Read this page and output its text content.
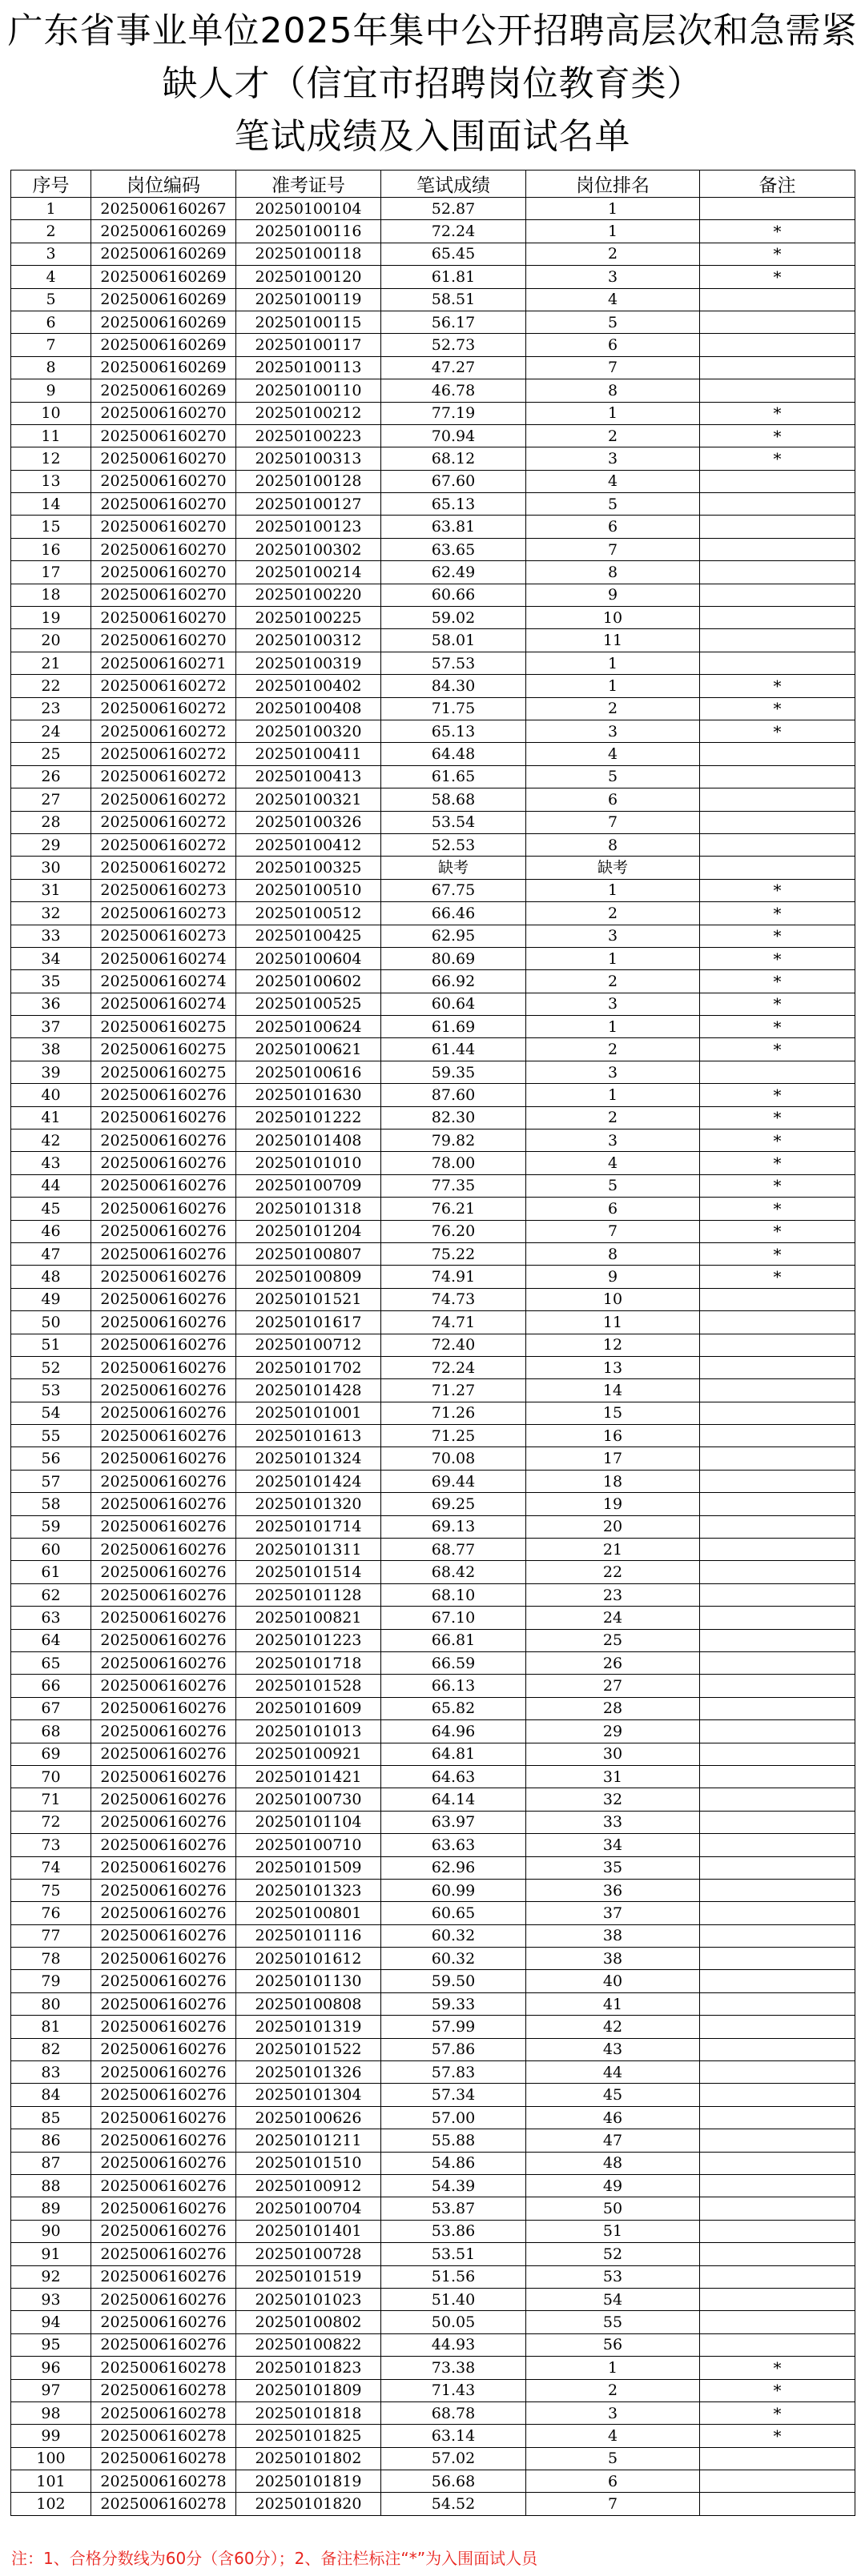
广东省事业单位2025年集中公开招聘高层次和急需紧
缺人才（信宜市招聘岗位教育类）
笔试成绩及入围面试名单
序号	岗位编码	准考证号	笔试成绩	岗位排名	备注
1	2025006160267	20250100104	52.87	1	
2	2025006160269	20250100116	72.24	1	*
3	2025006160269	20250100118	65.45	2	*
4	2025006160269	20250100120	61.81	3	*
5	2025006160269	20250100119	58.51	4	
6	2025006160269	20250100115	56.17	5	
7	2025006160269	20250100117	52.73	6	
8	2025006160269	20250100113	47.27	7	
9	2025006160269	20250100110	46.78	8	
10	2025006160270	20250100212	77.19	1	*
11	2025006160270	20250100223	70.94	2	*
12	2025006160270	20250100313	68.12	3	*
13	2025006160270	20250100128	67.60	4	
14	2025006160270	20250100127	65.13	5	
15	2025006160270	20250100123	63.81	6	
16	2025006160270	20250100302	63.65	7	
17	2025006160270	20250100214	62.49	8	
18	2025006160270	20250100220	60.66	9	
19	2025006160270	20250100225	59.02	10	
20	2025006160270	20250100312	58.01	11	
21	2025006160271	20250100319	57.53	1	
22	2025006160272	20250100402	84.30	1	*
23	2025006160272	20250100408	71.75	2	*
24	2025006160272	20250100320	65.13	3	*
25	2025006160272	20250100411	64.48	4	
26	2025006160272	20250100413	61.65	5	
27	2025006160272	20250100321	58.68	6	
28	2025006160272	20250100326	53.54	7	
29	2025006160272	20250100412	52.53	8	
30	2025006160272	20250100325	缺考	缺考	
31	2025006160273	20250100510	67.75	1	*
32	2025006160273	20250100512	66.46	2	*
33	2025006160273	20250100425	62.95	3	*
34	2025006160274	20250100604	80.69	1	*
35	2025006160274	20250100602	66.92	2	*
36	2025006160274	20250100525	60.64	3	*
37	2025006160275	20250100624	61.69	1	*
38	2025006160275	20250100621	61.44	2	*
39	2025006160275	20250100616	59.35	3	
40	2025006160276	20250101630	87.60	1	*
41	2025006160276	20250101222	82.30	2	*
42	2025006160276	20250101408	79.82	3	*
43	2025006160276	20250101010	78.00	4	*
44	2025006160276	20250100709	77.35	5	*
45	2025006160276	20250101318	76.21	6	*
46	2025006160276	20250101204	76.20	7	*
47	2025006160276	20250100807	75.22	8	*
48	2025006160276	20250100809	74.91	9	*
49	2025006160276	20250101521	74.73	10	
50	2025006160276	20250101617	74.71	11	
51	2025006160276	20250100712	72.40	12	
52	2025006160276	20250101702	72.24	13	
53	2025006160276	20250101428	71.27	14	
54	2025006160276	20250101001	71.26	15	
55	2025006160276	20250101613	71.25	16	
56	2025006160276	20250101324	70.08	17	
57	2025006160276	20250101424	69.44	18	
58	2025006160276	20250101320	69.25	19	
59	2025006160276	20250101714	69.13	20	
60	2025006160276	20250101311	68.77	21	
61	2025006160276	20250101514	68.42	22	
62	2025006160276	20250101128	68.10	23	
63	2025006160276	20250100821	67.10	24	
64	2025006160276	20250101223	66.81	25	
65	2025006160276	20250101718	66.59	26	
66	2025006160276	20250101528	66.13	27	
67	2025006160276	20250101609	65.82	28	
68	2025006160276	20250101013	64.96	29	
69	2025006160276	20250100921	64.81	30	
70	2025006160276	20250101421	64.63	31	
71	2025006160276	20250100730	64.14	32	
72	2025006160276	20250101104	63.97	33	
73	2025006160276	20250100710	63.63	34	
74	2025006160276	20250101509	62.96	35	
75	2025006160276	20250101323	60.99	36	
76	2025006160276	20250100801	60.65	37	
77	2025006160276	20250101116	60.32	38	
78	2025006160276	20250101612	60.32	38	
79	2025006160276	20250101130	59.50	40	
80	2025006160276	20250100808	59.33	41	
81	2025006160276	20250101319	57.99	42	
82	2025006160276	20250101522	57.86	43	
83	2025006160276	20250101326	57.83	44	
84	2025006160276	20250101304	57.34	45	
85	2025006160276	20250100626	57.00	46	
86	2025006160276	20250101211	55.88	47	
87	2025006160276	20250101510	54.86	48	
88	2025006160276	20250100912	54.39	49	
89	2025006160276	20250100704	53.87	50	
90	2025006160276	20250101401	53.86	51	
91	2025006160276	20250100728	53.51	52	
92	2025006160276	20250101519	51.56	53	
93	2025006160276	20250101023	51.40	54	
94	2025006160276	20250100802	50.05	55	
95	2025006160276	20250100822	44.93	56	
96	2025006160278	20250101823	73.38	1	*
97	2025006160278	20250101809	71.43	2	*
98	2025006160278	20250101818	68.78	3	*
99	2025006160278	20250101825	63.14	4	*
100	2025006160278	20250101802	57.02	5	
101	2025006160278	20250101819	56.68	6	
102	2025006160278	20250101820	54.52	7	
注：1、合格分数线为60分（含60分）；2、备注栏标注“*”为入围面试人员
